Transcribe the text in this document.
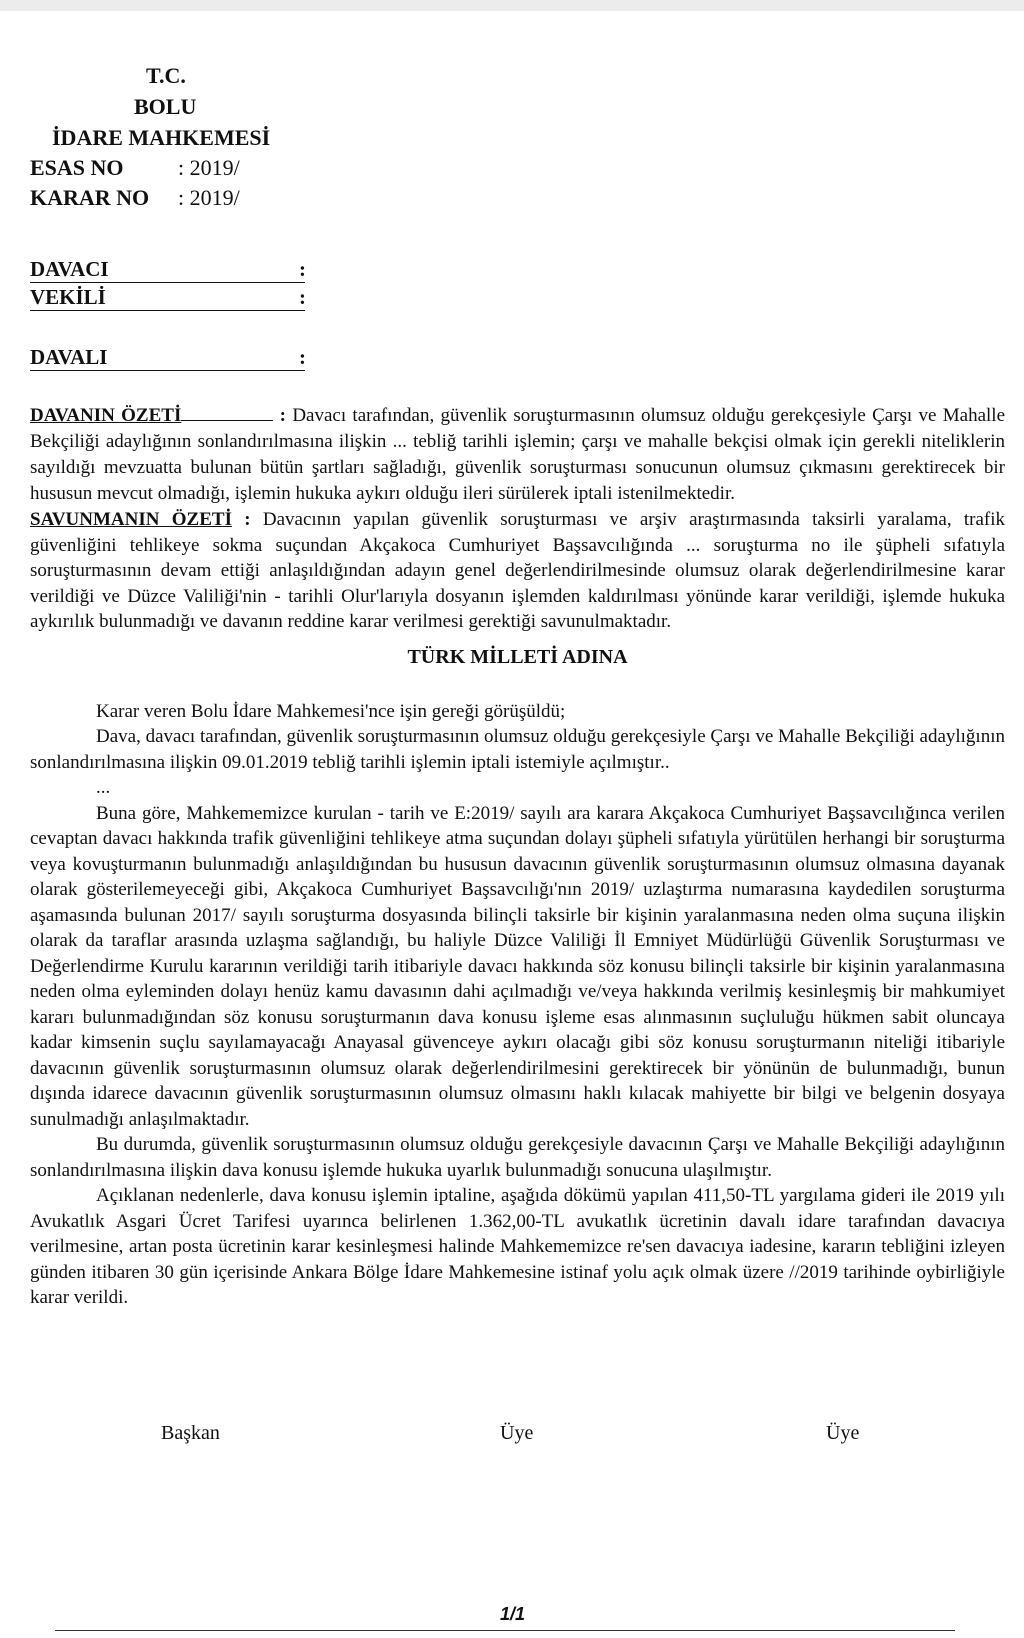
T.C.
BOLU
İDARE MAHKEMESİ
ESAS NO	: 2019/
KARAR NO	: 2019/
DAVACI	:
VEKİLİ	:
DAVALI	:
DAVANIN ÖZETİ	: Davacı tarafından, güvenlik soruşturmasının olumsuz olduğu gerekçesiyle Çarşı ve Mahalle Bekçiliği adaylığının sonlandırılmasına ilişkin ... tebliğ tarihli işlemin; çarşı ve mahalle bekçisi olmak için gerekli niteliklerin sayıldığı mevzuatta bulunan bütün şartları sağladığı, güvenlik soruşturması sonucunun olumsuz çıkmasını gerektirecek bir hususun mevcut olmadığı, işlemin hukuka aykırı olduğu ileri sürülerek iptali istenilmektedir.
SAVUNMANIN ÖZETİ : Davacının yapılan güvenlik soruşturması ve arşiv araştırmasında taksirli yaralama, trafik güvenliğini tehlikeye sokma suçundan Akçakoca Cumhuriyet Başsavcılığında ... soruşturma no ile şüpheli sıfatıyla soruşturmasının devam ettiği anlaşıldığından adayın genel değerlendirilmesinde olumsuz olarak değerlendirilmesine karar verildiği ve Düzce Valiliği'nin - tarihli Olur'larıyla dosyanın işlemden kaldırılması yönünde karar verildiği, işlemde hukuka aykırılık bulunmadığı ve davanın reddine karar verilmesi gerektiği savunulmaktadır.
TÜRK MİLLETİ ADINA

Karar veren Bolu İdare Mahkemesi'nce işin gereği görüşüldü;

Dava, davacı tarafından, güvenlik soruşturmasının olumsuz olduğu gerekçesiyle Çarşı ve Mahalle Bekçiliği adaylığının sonlandırılmasına ilişkin 09.01.2019 tebliğ tarihli işlemin iptali istemiyle açılmıştır..

...

Buna göre, Mahkememizce kurulan - tarih ve E:2019/ sayılı ara karara Akçakoca Cumhuriyet Başsavcılığınca verilen cevaptan davacı hakkında trafik güvenliğini tehlikeye atma suçundan dolayı şüpheli sıfatıyla yürütülen herhangi bir soruşturma veya kovuşturmanın bulunmadığı anlaşıldığından bu hususun davacının güvenlik soruşturmasının olumsuz olmasına dayanak olarak gösterilemeyeceği gibi, Akçakoca Cumhuriyet Başsavcılığı'nın 2019/ uzlaştırma numarasına kaydedilen soruşturma aşamasında bulunan 2017/ sayılı soruşturma dosyasında bilinçli taksirle bir kişinin yaralanmasına neden olma suçuna ilişkin olarak da taraflar arasında uzlaşma sağlandığı, bu haliyle Düzce Valiliği İl Emniyet Müdürlüğü Güvenlik Soruşturması ve Değerlendirme Kurulu kararının verildiği tarih itibariyle davacı hakkında söz konusu bilinçli taksirle bir kişinin yaralanmasına neden olma eyleminden dolayı henüz kamu davasının dahi açılmadığı ve/veya hakkında verilmiş kesinleşmiş bir mahkumiyet kararı bulunmadığından söz konusu soruşturmanın dava konusu işleme esas alınmasının suçluluğu hükmen sabit oluncaya kadar kimsenin suçlu sayılamayacağı Anayasal güvenceye aykırı olacağı gibi söz konusu soruşturmanın niteliği itibariyle davacının güvenlik soruşturmasının olumsuz olarak değerlendirilmesini gerektirecek bir yönünün de bulunmadığı, bunun dışında idarece davacının güvenlik soruşturmasının olumsuz olmasını haklı kılacak mahiyette bir bilgi ve belgenin dosyaya sunulmadığı anlaşılmaktadır.

Bu durumda, güvenlik soruşturmasının olumsuz olduğu gerekçesiyle davacının Çarşı ve Mahalle Bekçiliği adaylığının sonlandırılmasına ilişkin dava konusu işlemde hukuka uyarlık bulunmadığı sonucuna ulaşılmıştır.

Açıklanan nedenlerle, dava konusu işlemin iptaline, aşağıda dökümü yapılan 411,50-TL yargılama gideri ile 2019 yılı Avukatlık Asgari Ücret Tarifesi uyarınca belirlenen 1.362,00-TL avukatlık ücretinin davalı idare tarafından davacıya verilmesine, artan posta ücretinin karar kesinleşmesi halinde Mahkememizce re'sen davacıya iadesine, kararın tebliğini izleyen günden itibaren 30 gün içerisinde Ankara Bölge İdare Mahkemesine istinaf yolu açık olmak üzere //2019 tarihinde oybirliğiyle karar verildi.

Başkan	Üye	Üye
1/1
